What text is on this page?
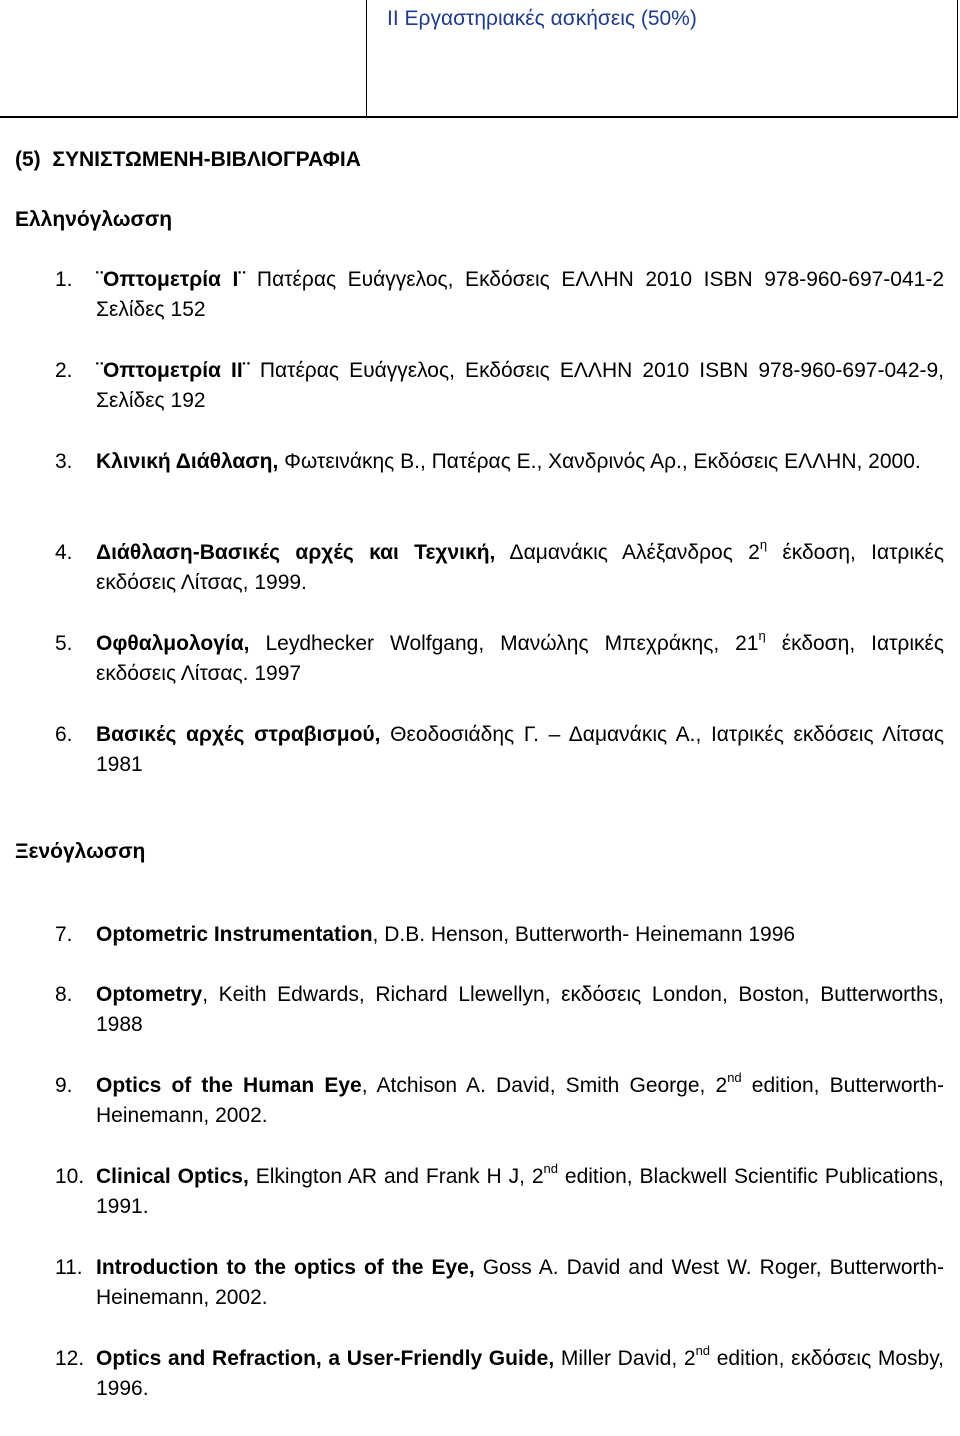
ΙΙ Εργαστηριακές ασκήσεις (50%)
(5) ΣΥΝΙΣΤΩΜΕΝΗ-ΒΙΒΛΙΟΓΡΑΦΙΑ
Ελληνόγλωσση
1.	¨Οπτομετρία Ι¨ Πατέρας Ευάγγελος, Εκδόσεις ΕΛΛΗΝ 2010 ISBN 978-960-697-041-2 Σελίδες 152
2.	¨Οπτομετρία ΙΙ¨ Πατέρας Ευάγγελος, Εκδόσεις ΕΛΛΗΝ 2010 ISBN 978-960-697-042-9, Σελίδες 192
3.	Κλινική Διάθλαση, Φωτεινάκης Β., Πατέρας Ε., Χανδρινός Αρ., Εκδόσεις ΕΛΛΗΝ, 2000.
4.	Διάθλαση-Βασικές αρχές και Τεχνική, Δαμανάκις Αλέξανδρος $2^\eta$ έκδοση, Ιατρικές εκδόσεις Λίτσας, 1999.
5.	Οφθαλμολογία, Leydhecker Wolfgang, Μανώλης Μπεχράκης, $21^\eta$ έκδοση, Ιατρικές εκδόσεις Λίτσας. 1997
6.	Βασικές αρχές στραβισμού, Θεοδοσιάδης Γ. – Δαμανάκις Α., Ιατρικές εκδόσεις Λίτσας 1981
Ξενόγλωσση
7.	Optometric Instrumentation, D.B. Henson, Butterworth- Heinemann 1996
8.	Optometry, Keith Edwards, Richard Llewellyn, εκδόσεις London, Boston, Butterworths, 1988
9.	Optics of the Human Eye, Atchison A. David, Smith George, 2nd edition, Butterworth-Heinemann, 2002.
10. Clinical Optics, Elkington AR and Frank H J, 2nd edition, Blackwell Scientific Publications, 1991.
11. Introduction to the optics of the Eye, Goss A. David and West W. Roger, Butterworth-Heinemann, 2002.
12. Optics and Refraction, a User-Friendly Guide, Miller David, 2nd edition, εκδόσεις Mosby, 1996.
